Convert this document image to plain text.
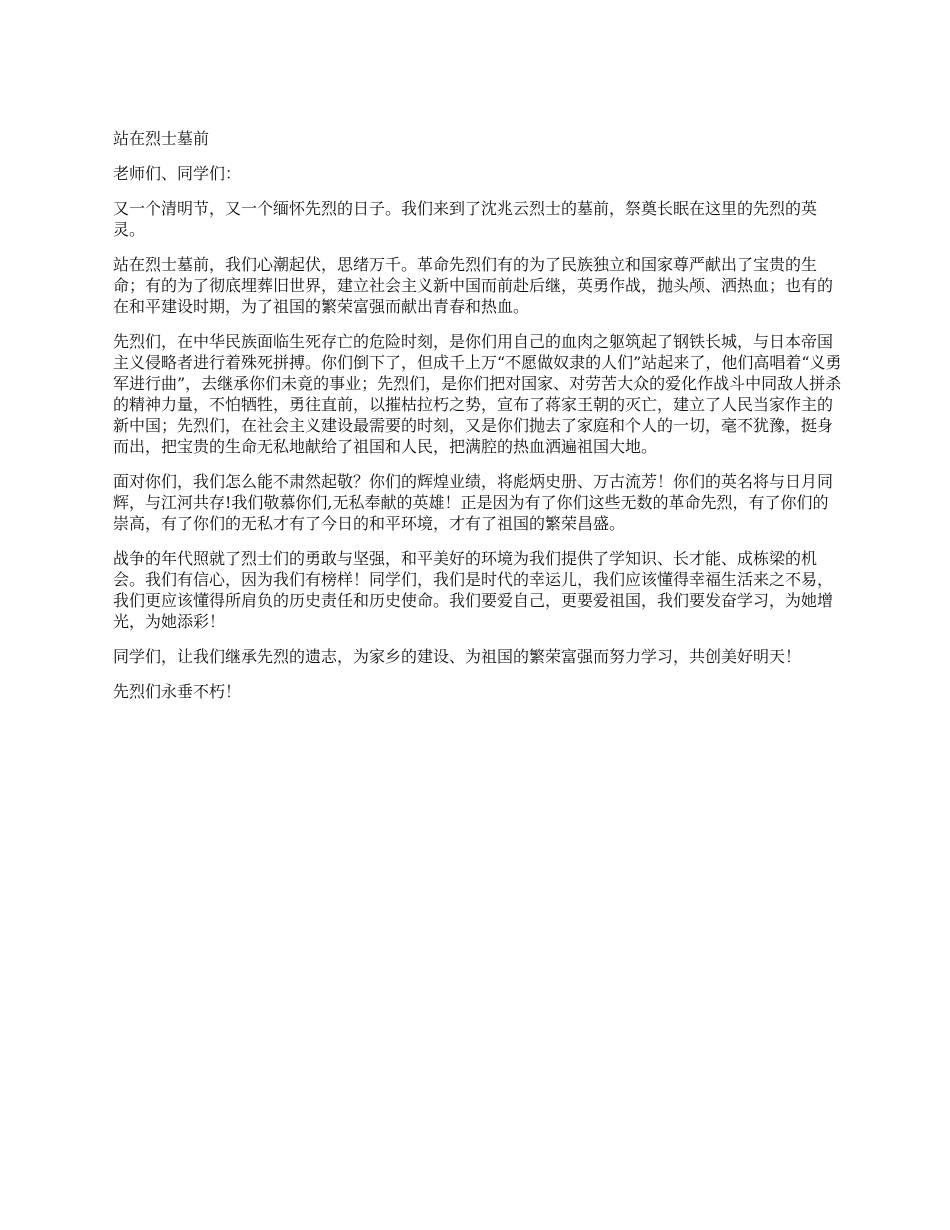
站在烈士墓前

老师们、同学们：

又一个清明节，又一个缅怀先烈的日子。我们来到了沈兆云烈士的墓前，祭奠长眠在这里的先烈的英灵。

站在烈士墓前，我们心潮起伏，思绪万千。革命先烈们有的为了民族独立和国家尊严献出了宝贵的生命；有的为了彻底埋葬旧世界，建立社会主义新中国而前赴后继，英勇作战，抛头颅、洒热血；也有的在和平建设时期，为了祖国的繁荣富强而献出青春和热血。

先烈们，在中华民族面临生死存亡的危险时刻，是你们用自己的血肉之躯筑起了钢铁长城，与日本帝国主义侵略者进行着殊死拼搏。你们倒下了，但成千上万“不愿做奴隶的人们”站起来了，他们高唱着“义勇军进行曲”，去继承你们未竟的事业；先烈们，是你们把对国家、对劳苦大众的爱化作战斗中同敌人拼杀的精神力量，不怕牺牲，勇往直前，以摧枯拉朽之势，宣布了蒋家王朝的灭亡，建立了人民当家作主的新中国；先烈们，在社会主义建设最需要的时刻，又是你们抛去了家庭和个人的一切，毫不犹豫，挺身而出，把宝贵的生命无私地献给了祖国和人民，把满腔的热血洒遍祖国大地。

面对你们，我们怎么能不肃然起敬？你们的辉煌业绩，将彪炳史册、万古流芳！你们的英名将与日月同辉，与江河共存!我们敬慕你们,无私奉献的英雄！正是因为有了你们这些无数的革命先烈，有了你们的崇高，有了你们的无私才有了今日的和平环境，才有了祖国的繁荣昌盛。

战争的年代照就了烈士们的勇敢与坚强，和平美好的环境为我们提供了学知识、长才能、成栋梁的机会。我们有信心，因为我们有榜样！同学们，我们是时代的幸运儿，我们应该懂得幸福生活来之不易，我们更应该懂得所肩负的历史责任和历史使命。我们要爱自己，更要爱祖国，我们要发奋学习，为她增光，为她添彩！

同学们，让我们继承先烈的遗志，为家乡的建设、为祖国的繁荣富强而努力学习，共创美好明天！

先烈们永垂不朽！
